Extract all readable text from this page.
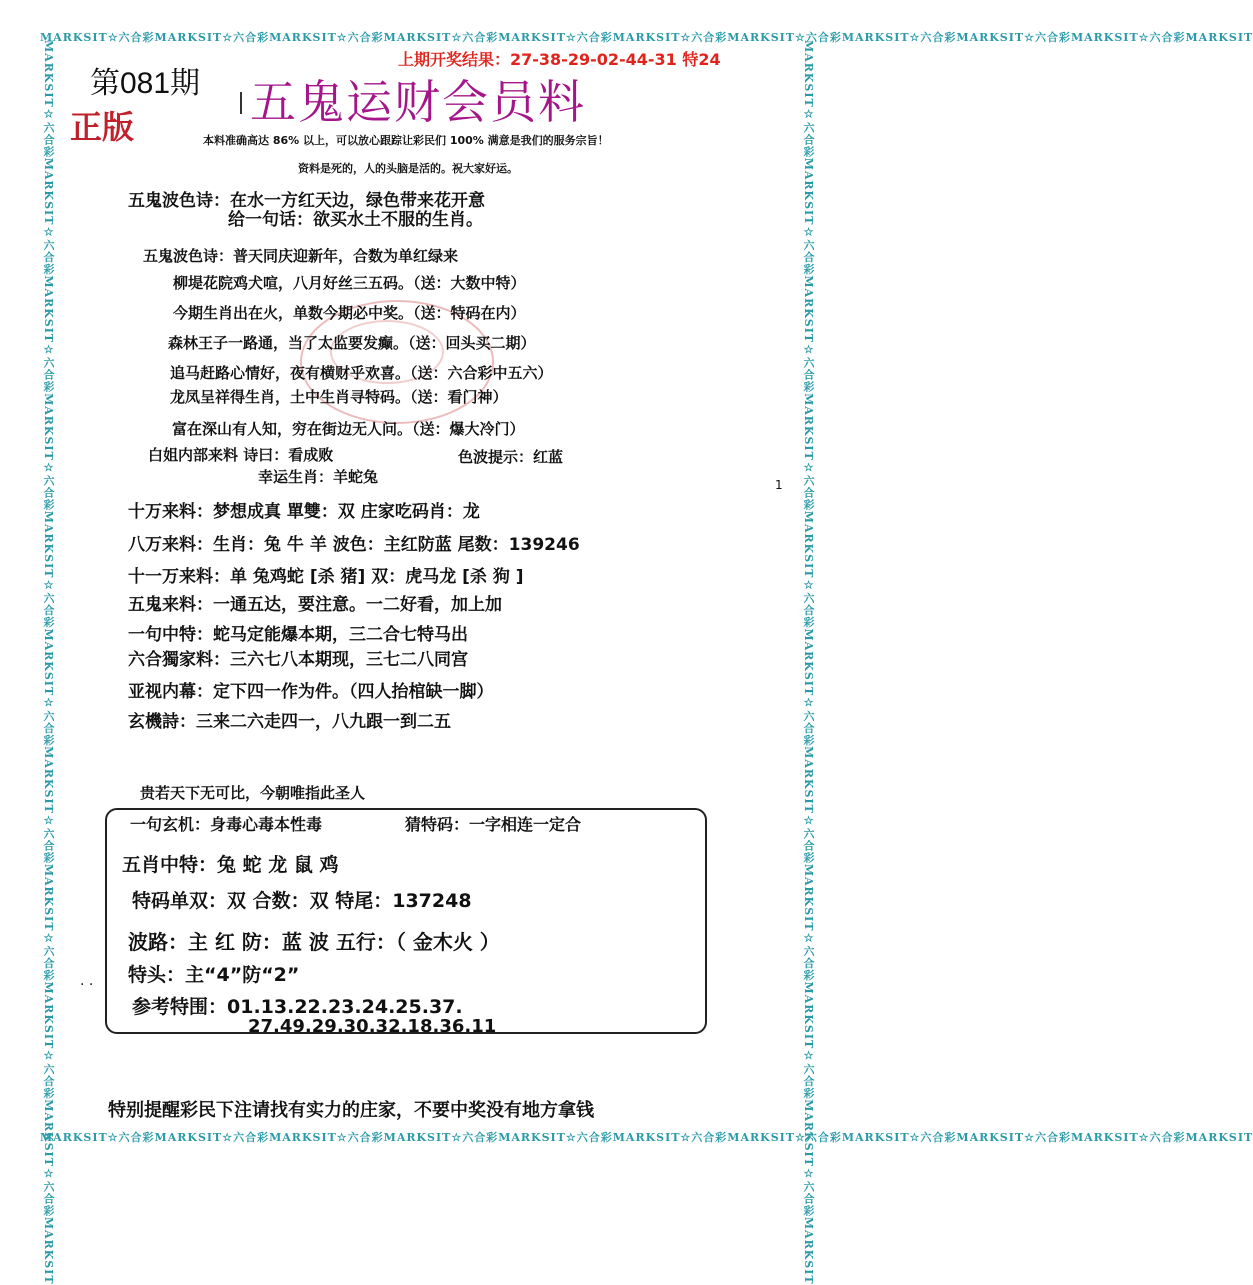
MARKSIT☆六合彩MARKSIT☆六合彩MARKSIT☆六合彩MARKSIT☆六合彩MARKSIT☆六合彩MARKSIT☆六合彩MARKSIT☆六合彩MARKSIT☆六合彩MARKSIT☆六合彩MARKSIT☆六合彩MARKSIT
MARKSIT☆六合彩MARKSIT☆六合彩MARKSIT☆六合彩MARKSIT☆六合彩MARKSIT☆六合彩MARKSIT☆六合彩MARKSIT☆六合彩MARKSIT☆六合彩MARKSIT☆六合彩MARKSIT☆六合彩MARKSIT
MARKSIT☆六合彩MARKSIT☆六合彩MARKSIT☆六合彩MARKSIT☆六合彩MARKSIT☆六合彩MARKSIT☆六合彩MARKSIT☆六合彩MARKSIT☆六合彩MARKSIT☆六合彩MARKSIT☆六合彩MARKSIT	MARKSIT☆六合彩MARKSIT☆六合彩MARKSIT☆六合彩MARKSIT☆六合彩MARKSIT☆六合彩MARKSIT☆六合彩MARKSIT☆六合彩MARKSIT☆六合彩MARKSIT☆六合彩MARKSIT☆六合彩MARKSIT
第081期
正版
上期开奖结果：27-38-29-02-44-31 特24
五鬼运财会员料
本料准确高达 86% 以上，可以放心跟踪让彩民们 100% 满意是我们的服务宗旨！
资料是死的，人的头脑是活的。祝大家好运。
五鬼波色诗：在水一方红天边，绿色带来花开意
给一句话：欲买水土不服的生肖。
五鬼波色诗：普天同庆迎新年，合数为单红绿来
柳堤花院鸡犬喧，八月好丝三五码。（送：大数中特）
今期生肖出在火，单数今期必中奖。（送：特码在内）
森林王子一路通，当了太监要发癫。（送：回头买二期）
追马赶路心情好，夜有横财乎欢喜。（送：六合彩中五六）
龙凤呈祥得生肖，土中生肖寻特码。（送：看门神）
富在深山有人知，穷在街边无人问。（送：爆大冷门）
白姐内部来料 诗曰：看成败	色波提示：红蓝
幸运生肖：羊蛇兔	1
十万来料：梦想成真 單雙：双 庄家吃码肖：龙
八万来料：生肖：兔 牛 羊 波色：主红防蓝 尾数：139246
十一万来料：单 兔鸡蛇 [杀 猪] 双：虎马龙 [杀 狗 ]
五鬼来料：一通五达，要注意。一二好看，加上加
一句中特：蛇马定能爆本期，三二合七特马出
六合獨家料：三六七八本期现，三七二八同宫
亚视内幕：定下四一作为件。（四人抬棺缺一脚）
玄機詩：三来二六走四一，八九跟一到二五
贵若天下无可比，今朝唯指此圣人
一句玄机：身毒心毒本性毒	猜特码：一字相连一定合
五肖中特：兔 蛇 龙 鼠 鸡
特码单双：双 合数：双 特尾：137248
波路：主 红 防：蓝 波 五行：（ 金木火 ）
特头：主“4”防“2”
参考特围：01.13.22.23.24.25.37.
27.49.29.30.32.18.36.11
. .
特别提醒彩民下注请找有实力的庄家，不要中奖没有地方拿钱
